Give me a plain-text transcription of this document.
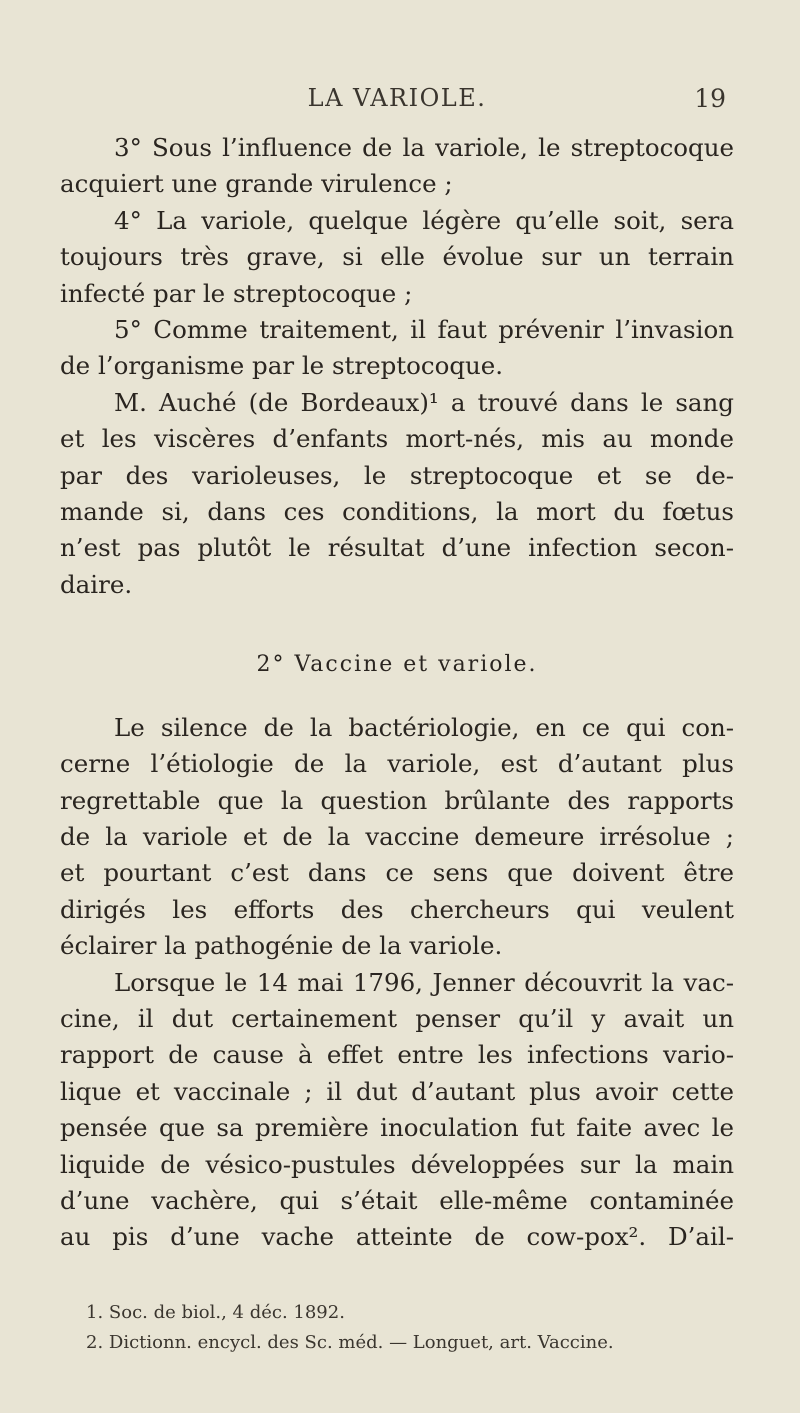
LA VARIOLE.	19
3° Sous l’influence de la variole, le streptocoque
acquiert une grande virulence ;
4° La variole, quelque légère qu’elle soit, sera
toujours très grave, si elle évolue sur un terrain
infecté par le streptocoque ;
5° Comme traitement, il faut prévenir l’invasion
de l’organisme par le streptocoque.
M. Auché (de Bordeaux)¹ a trouvé dans le sang
et les viscères d’enfants mort-nés, mis au monde
par des varioleuses, le streptocoque et se de-
mande si, dans ces conditions, la mort du fœtus
n’est pas plutôt le résultat d’une infection secon-
daire.
2° Vaccine et variole.
Le silence de la bactériologie, en ce qui con-
cerne l’étiologie de la variole, est d’autant plus
regrettable que la question brûlante des rapports
de la variole et de la vaccine demeure irrésolue ;
et pourtant c’est dans ce sens que doivent être
dirigés les efforts des chercheurs qui veulent
éclairer la pathogénie de la variole.
Lorsque le 14 mai 1796, Jenner découvrit la vac-
cine, il dut certainement penser qu’il y avait un
rapport de cause à effet entre les infections vario-
lique et vaccinale ; il dut d’autant plus avoir cette
pensée que sa première inoculation fut faite avec le
liquide de vésico-pustules développées sur la main
d’une vachère, qui s’était elle-même contaminée
au pis d’une vache atteinte de cow-pox². D’ail-
1. Soc. de biol., 4 déc. 1892.
2. Dictionn. encycl. des Sc. méd. — Longuet, art. Vaccine.
